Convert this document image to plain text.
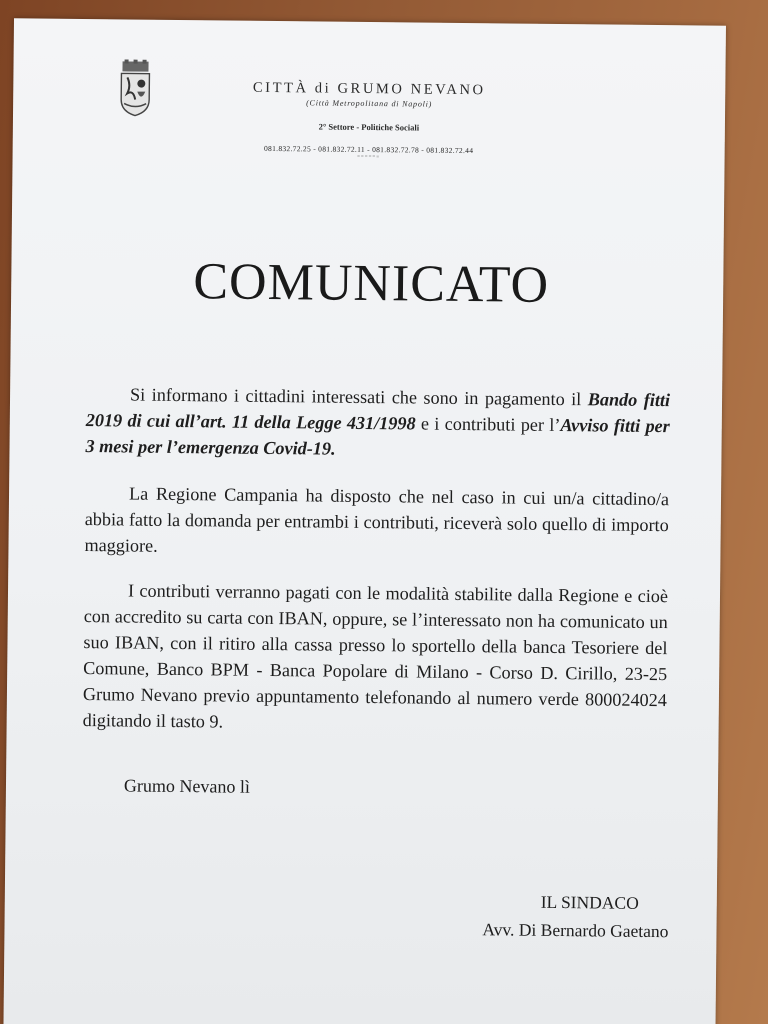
CITTÀ di GRUMO NEVANO
(Città Metropolitana di Napoli)
2° Settore - Politiche Sociali
081.832.72.25 - 081.832.72.11 - 081.832.72.78 - 081.832.72.44
======
COMUNICATO
Si informano i cittadini interessati che sono in pagamento il Bando fitti 2019 di cui all’art. 11 della Legge 431/1998 e i contributi per l’Avviso fitti per 3 mesi per l’emergenza Covid-19.
La Regione Campania ha disposto che nel caso in cui un/a cittadino/a abbia fatto la domanda per entrambi i contributi, riceverà solo quello di importo maggiore.
I contributi verranno pagati con le modalità stabilite dalla Regione e cioè con accredito su carta con IBAN, oppure, se l’interessato non ha comunicato un suo IBAN, con il ritiro alla cassa presso lo sportello della banca Tesoriere del Comune, Banco BPM - Banca Popolare di Milano - Corso D. Cirillo, 23-25 Grumo Nevano previo appuntamento telefonando al numero verde 800024024 digitando il tasto 9.
Grumo Nevano lì
IL SINDACO
Avv. Di Bernardo Gaetano
